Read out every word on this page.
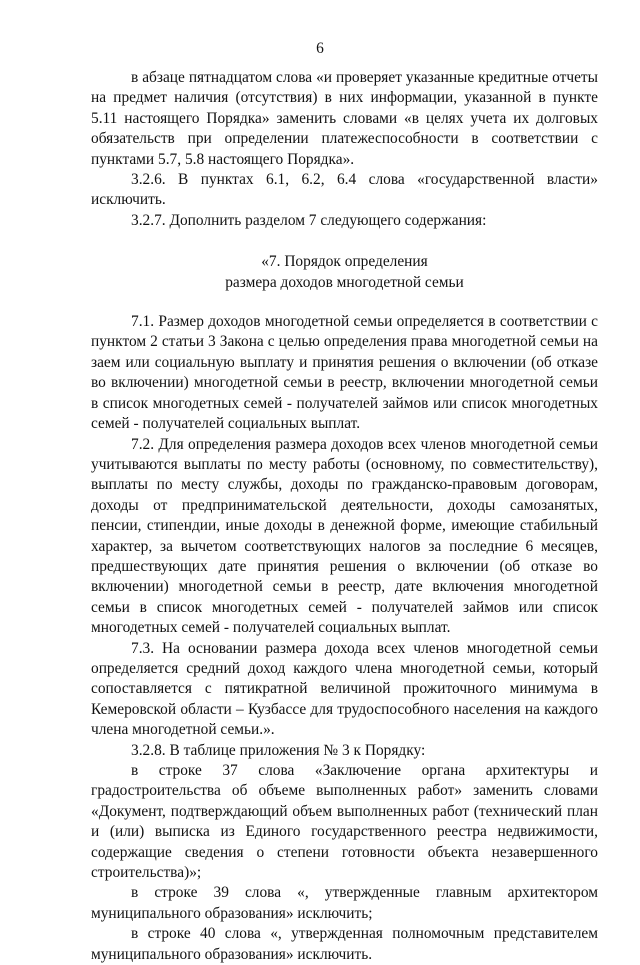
6

в абзаце пятнадцатом слова «и проверяет указанные кредитные отчеты на предмет наличия (отсутствия) в них информации, указанной в пункте 5.11 настоящего Порядка» заменить словами «в целях учета их долговых обязательств при определении платежеспособности в соответствии с пунктами 5.7, 5.8 настоящего Порядка».

3.2.6. В пунктах 6.1, 6.2, 6.4 слова «государственной власти» исключить.

3.2.7. Дополнить разделом 7 следующего содержания:

«7. Порядок определения
размера доходов многодетной семьи

7.1. Размер доходов многодетной семьи определяется в соответствии с пунктом 2 статьи 3 Закона с целью определения права многодетной семьи на заем или социальную выплату и принятия решения о включении (об отказе во включении) многодетной семьи в реестр, включении многодетной семьи в список многодетных семей - получателей займов или список многодетных семей - получателей социальных выплат.

7.2. Для определения размера доходов всех членов многодетной семьи учитываются выплаты по месту работы (основному, по совместительству), выплаты по месту службы, доходы по гражданско-правовым договорам, доходы от предпринимательской деятельности, доходы самозанятых, пенсии, стипендии, иные доходы в денежной форме, имеющие стабильный характер, за вычетом соответствующих налогов за последние 6 месяцев, предшествующих дате принятия решения о включении (об отказе во включении) многодетной семьи в реестр, дате включения многодетной семьи в список многодетных семей - получателей займов или список многодетных семей - получателей социальных выплат.

7.3. На основании размера дохода всех членов многодетной семьи определяется средний доход каждого члена многодетной семьи, который сопоставляется с пятикратной величиной прожиточного минимума в Кемеровской области – Кузбассе для трудоспособного населения на каждого члена многодетной семьи.».

3.2.8. В таблице приложения № 3 к Порядку:

в строке 37 слова «Заключение органа архитектуры и градостроительства об объеме выполненных работ» заменить словами «Документ, подтверждающий объем выполненных работ (технический план и (или) выписка из Единого государственного реестра недвижимости, содержащие сведения о степени готовности объекта незавершенного строительства)»;

в строке 39 слова «, утвержденные главным архитектором муниципального образования» исключить;

в строке 40 слова «, утвержденная полномочным представителем муниципального образования» исключить.
